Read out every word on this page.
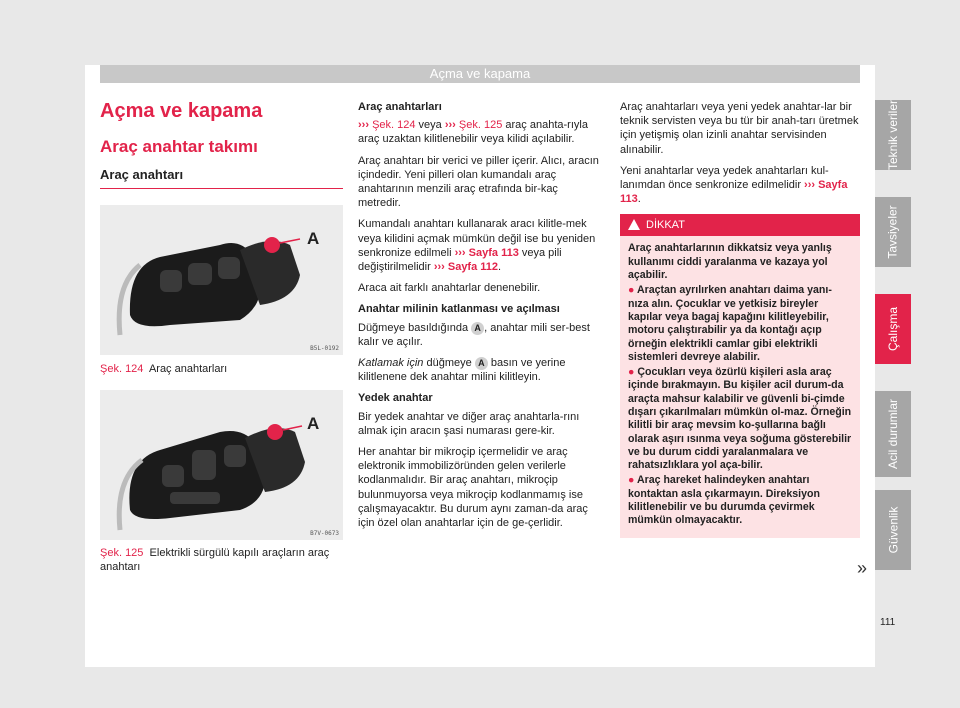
Açma ve kapama
Teknik veriler
Tavsiyeler
Çalışma
Acil durumlar
Güvenlik
Açma ve kapama
Araç anahtar takımı
Araç anahtarı
A
B5L-0192
Şek. 124 Araç anahtarları
A
B7V-0673
Şek. 125 Elektrikli sürgülü kapılı araçların araç anahtarı

Araç anahtarları

››› Şek. 124 veya ››› Şek. 125 araç anahta-rıyla araç uzaktan kilitlenebilir veya kilidi açılabilir.

Araç anahtarı bir verici ve piller içerir. Alıcı, aracın içindedir. Yeni pilleri olan kumandalı araç anahtarının menzili araç etrafında bir-kaç metredir.

Kumandalı anahtarı kullanarak aracı kilitle-mek veya kilidini açmak mümkün değil ise bu yeniden senkronize edilmeli ››› Sayfa 113 veya pili değiştirilmelidir ››› Sayfa 112.

Araca ait farklı anahtarlar denenebilir.

Anahtar milinin katlanması ve açılması

Düğmeye basıldığında A , anahtar mili ser-best kalır ve açılır.

Katlamak için düğmeye A basın ve yerine kilitlenene dek anahtar milini kilitleyin.

Yedek anahtar

Bir yedek anahtar ve diğer araç anahtarla-rını almak için aracın şasi numarası gere-kir.

Her anahtar bir mikroçip içermelidir ve araç elektronik immobilizöründen gelen verilerle kodlanmalıdır. Bir araç anahtarı, mikroçip bulunmuyorsa veya mikroçip kodlanmamış ise çalışmayacaktır. Bu durum aynı zaman-da araç için özel olan anahtarlar için de ge-çerlidir.

Araç anahtarları veya yeni yedek anahtar-lar bir teknik servisten veya bu tür bir anah-tarı üretmek için yetişmiş olan izinli anahtar servisinden alınabilir.

Yeni anahtarlar veya yedek anahtarları kul-lanımdan önce senkronize edilmelidir ››› Sayfa 113.

DİKKAT

Araç anahtarlarının dikkatsiz veya yanlış kullanımı ciddi yaralanma ve kazaya yol açabilir.

● Araçtan ayrılırken anahtarı daima yanı-nıza alın. Çocuklar ve yetkisiz bireyler kapılar veya bagaj kapağını kilitleyebilir, motoru çalıştırabilir ya da kontağı açıp örneğin elektrikli camlar gibi elektrikli sistemleri devreye alabilir.

● Çocukları veya özürlü kişileri asla araç içinde bırakmayın. Bu kişiler acil durum-da araçta mahsur kalabilir ve güvenli bi-çimde dışarı çıkarılmaları mümkün ol-maz. Örneğin kilitli bir araç mevsim ko-şullarına bağlı olarak aşırı ısınma veya soğuma gösterebilir ve bu durum ciddi yaralanmalara ve rahatsızlıklara yol aça-bilir.

● Araç hareket halindeyken anahtarı kontaktan asla çıkarmayın. Direksiyon kilitlenebilir ve bu durumda çevirmek mümkün olmayacaktır.

»
111
